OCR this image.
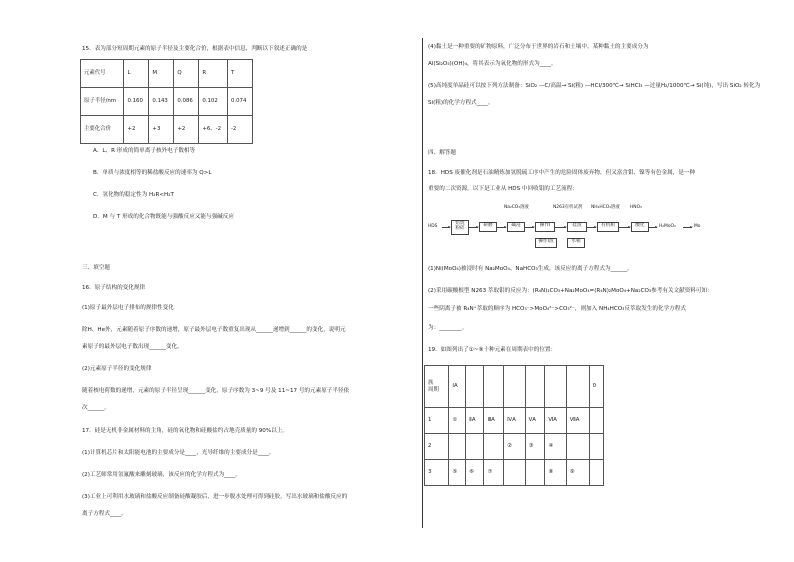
15．表为部分短周期元素的原子半径及主要化合价，根据表中信息，判断以下叙述正确的是
元素代号	L	M	Q	R	T
原子半径/nm	0.160	0.143	0.086	0.102	0.074
主要化合价	+2	+3	+2	+6、-2	-2
A．L、R 形成的简单离子核外电子数相等
B．单质与浓度相等的稀盐酸反应的速率为 Q>L
C．氢化物的稳定性为 H₂R<H₂T
D．M 与 T 形成的化合物既能与强酸反应又能与强碱反应
三、填空题
16．原子结构的变化规律
(1)原子最外层电子排布的规律性变化
除H、He外，元素随着原子序数的递增，原子最外层电子数重复出现从______递增到______的变化，说明元
素原子的最外层电子数出现______变化。
(2)元素原子半径的变化规律
随着核电荷数的递增，元素的原子半径呈现______变化，原子序数为 3~9 号及 11~17 号的元素原子半径依
次______。
17．硅是无机非金属材料的主角，硅的氧化物和硅酸盐约占地壳质量的 90%以上。
(1)计算机芯片和太阳能电池的主要成分是____，光导纤维的主要成分是____。
(2)工艺师常用氢氟酸来雕刻玻璃，该反应的化学方程式为____。
(3)工业上可利用水玻璃和盐酸反应制备硅酸凝胶后，进一步脱水处理可得到硅胶，写出水玻璃和盐酸反应的
离子方程式____。
(4)黏土是一种重要的矿物原料，广泛分布于世界的岩石和土壤中。某种黏土的主要成分为
Al(Si₂O₅)(OH)₄，将其表示为氧化物的形式为____。
(5)高纯度单晶硅可以按下列方法制备：SiO₂ —C/高温→ Si(粗) —HCl/300℃→ SiHCl₃ —过量H₂/1000℃→ Si(纯)，写出 SiO₂ 转化为
Si(粗)的化学方程式____。
四、解答题
18．HDS 废催化剂是石油精炼加氢脱硫工序中产生的危险固体废弃物，但又富含钼、镍等有色金属，是一种
重要的二次资源。以下是工业从 HDS 中回收钼的工艺流程：
HDS
焙烧
粉碎
研磨
Na₂CO₃溶液
碱浸	操作I
操作I渣
N263有机试剂
硅渣
水相
NH₄HCO₃溶液
有机相
HNO₃
酸化	H₂MoO₄	Mo
(1)Ni(MoO₄)被浸时有 Na₂MoO₄、NaHCO₃生成，该反应的离子方程式为______。
(2)采用碳酸根型 N263 萃取钼的反应为：(R₄N)₂CO₃+Na₂MoO₄=(R₄N)₂MoO₄+Na₂CO₃参考有关文献资料可知：
一些阴离子被 R₄N⁺萃取的顺序为 HCO₃⁻>MoO₄²⁻>CO₃²⁻，则加入 NH₄HCO₃反萃取发生的化学方程式
为：________。
19．如图列出了①~⑨十种元素在周期表中的位置：
族
周期	ⅠA							0
1	①	ⅡA	ⅢA	ⅣA	ⅤA	ⅥA	ⅦA	
2				②	③	④		
3	⑤	⑥	⑦			⑧	⑨	
